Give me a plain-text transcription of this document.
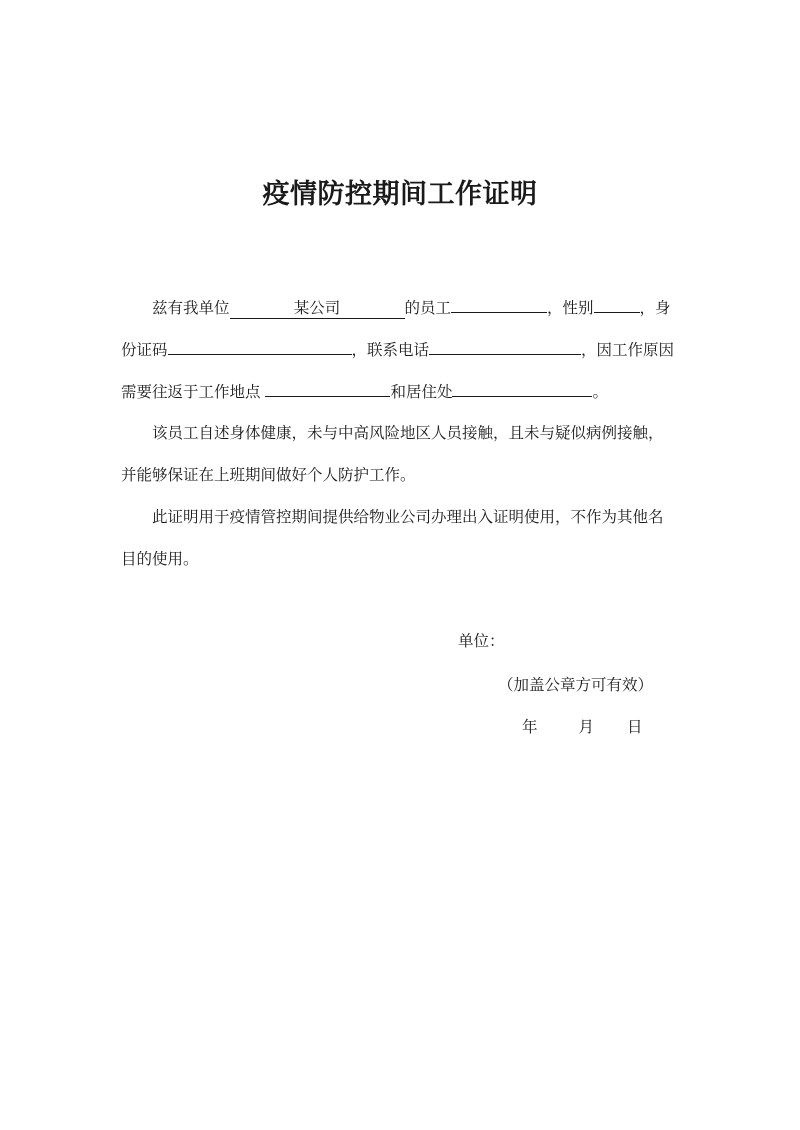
疫情防控期间工作证明
兹有我单位	某公司	的员工	，性别	，身
份证码	，联系电话	，因工作原因
需要往返于工作地点	和居住处	。
该员工自述身体健康，未与中高风险地区人员接触，且未与疑似病例接触，
并能够保证在上班期间做好个人防护工作。
此证明用于疫情管控期间提供给物业公司办理出入证明使用，不作为其他名
目的使用。
单位：
（加盖公章方可有效）
年	月 日
